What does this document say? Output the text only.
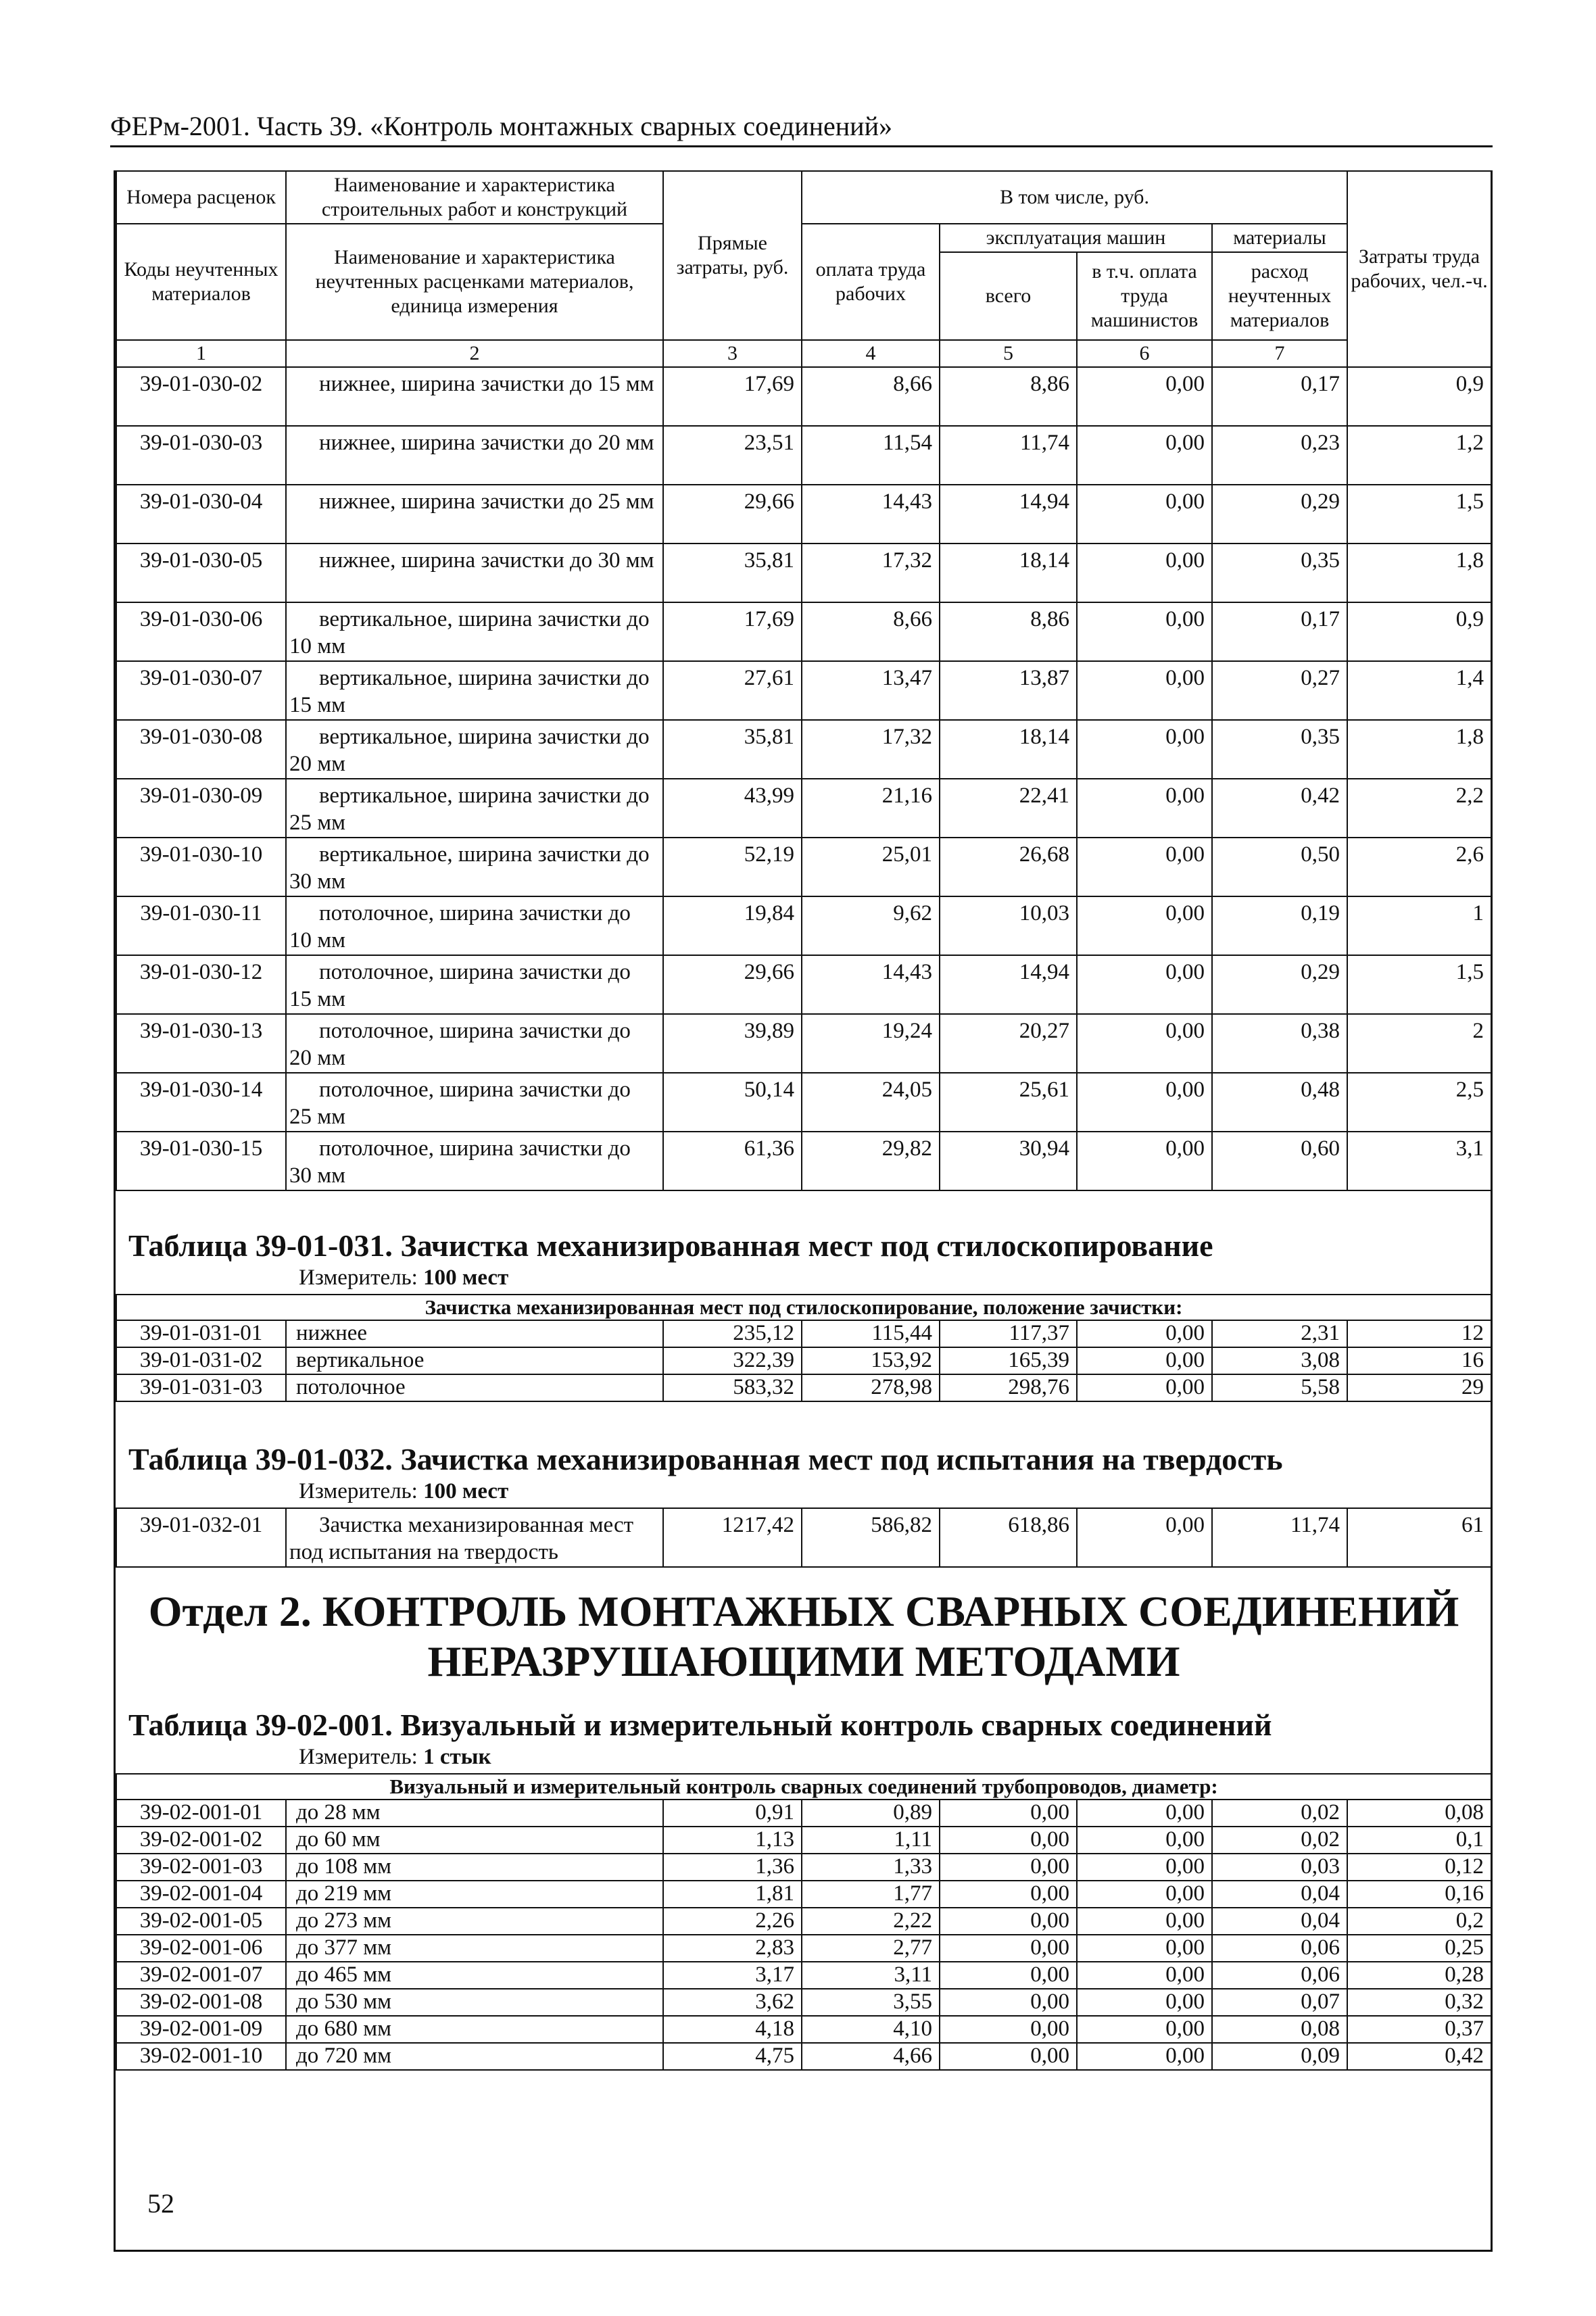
ФЕРм-2001. Часть 39. «Контроль монтажных сварных соединений»
Номера расценок	Наименование и характеристика строительных работ и конструкций	Прямые затраты, руб.	В том числе, руб.				Затраты труда рабочих, чел.-ч.
Коды неучтенных материалов	Наименование и характеристика неучтенных расценками материалов, единица измерения		оплата труда рабочих	эксплуатация машин		материалы	
				всего	в т.ч. оплата труда машинистов	расход неучтенных материалов	
1	2	3	4	5	6	7	
39-01-030-02	нижнее, ширина зачистки до 15 мм	17,69	8,66	8,86	0,00	0,17	0,9
39-01-030-03	нижнее, ширина зачистки до 20 мм	23,51	11,54	11,74	0,00	0,23	1,2
39-01-030-04	нижнее, ширина зачистки до 25 мм	29,66	14,43	14,94	0,00	0,29	1,5
39-01-030-05	нижнее, ширина зачистки до 30 мм	35,81	17,32	18,14	0,00	0,35	1,8
39-01-030-06	вертикальное, ширина зачистки до 10 мм	17,69	8,66	8,86	0,00	0,17	0,9
39-01-030-07	вертикальное, ширина зачистки до 15 мм	27,61	13,47	13,87	0,00	0,27	1,4
39-01-030-08	вертикальное, ширина зачистки до 20 мм	35,81	17,32	18,14	0,00	0,35	1,8
39-01-030-09	вертикальное, ширина зачистки до 25 мм	43,99	21,16	22,41	0,00	0,42	2,2
39-01-030-10	вертикальное, ширина зачистки до 30 мм	52,19	25,01	26,68	0,00	0,50	2,6
39-01-030-11	потолочное, ширина зачистки до 10 мм	19,84	9,62	10,03	0,00	0,19	1
39-01-030-12	потолочное, ширина зачистки до 15 мм	29,66	14,43	14,94	0,00	0,29	1,5
39-01-030-13	потолочное, ширина зачистки до 20 мм	39,89	19,24	20,27	0,00	0,38	2
39-01-030-14	потолочное, ширина зачистки до 25 мм	50,14	24,05	25,61	0,00	0,48	2,5
39-01-030-15	потолочное, ширина зачистки до 30 мм	61,36	29,82	30,94	0,00	0,60	3,1

Таблица 39-01-031. Зачистка механизированная мест под стилоскопирование							
Измеритель: 100 мест							
Зачистка механизированная мест под стилоскопирование, положение зачистки:							
39-01-031-01	нижнее	235,12	115,44	117,37	0,00	2,31	12
39-01-031-02	вертикальное	322,39	153,92	165,39	0,00	3,08	16
39-01-031-03	потолочное	583,32	278,98	298,76	0,00	5,58	29

Таблица 39-01-032. Зачистка механизированная мест под испытания на твердость							
Измеритель: 100 мест							
39-01-032-01	Зачистка механизированная мест под испытания на твердость	1217,42	586,82	618,86	0,00	11,74	61

Отдел 2. КОНТРОЛЬ МОНТАЖНЫХ СВАРНЫХ СОЕДИНЕНИЙ
НЕРАЗРУШАЮЩИМИ МЕТОДАМИ							

Таблица 39-02-001. Визуальный и измерительный контроль сварных соединений							
Измеритель: 1 стык							
Визуальный и измерительный контроль сварных соединений трубопроводов, диаметр:							
39-02-001-01	до 28 мм	0,91	0,89	0,00	0,00	0,02	0,08
39-02-001-02	до 60 мм	1,13	1,11	0,00	0,00	0,02	0,1
39-02-001-03	до 108 мм	1,36	1,33	0,00	0,00	0,03	0,12
39-02-001-04	до 219 мм	1,81	1,77	0,00	0,00	0,04	0,16
39-02-001-05	до 273 мм	2,26	2,22	0,00	0,00	0,04	0,2
39-02-001-06	до 377 мм	2,83	2,77	0,00	0,00	0,06	0,25
39-02-001-07	до 465 мм	3,17	3,11	0,00	0,00	0,06	0,28
39-02-001-08	до 530 мм	3,62	3,55	0,00	0,00	0,07	0,32
39-02-001-09	до 680 мм	4,18	4,10	0,00	0,00	0,08	0,37
39-02-001-10	до 720 мм	4,75	4,66	0,00	0,00	0,09	0,42
52
